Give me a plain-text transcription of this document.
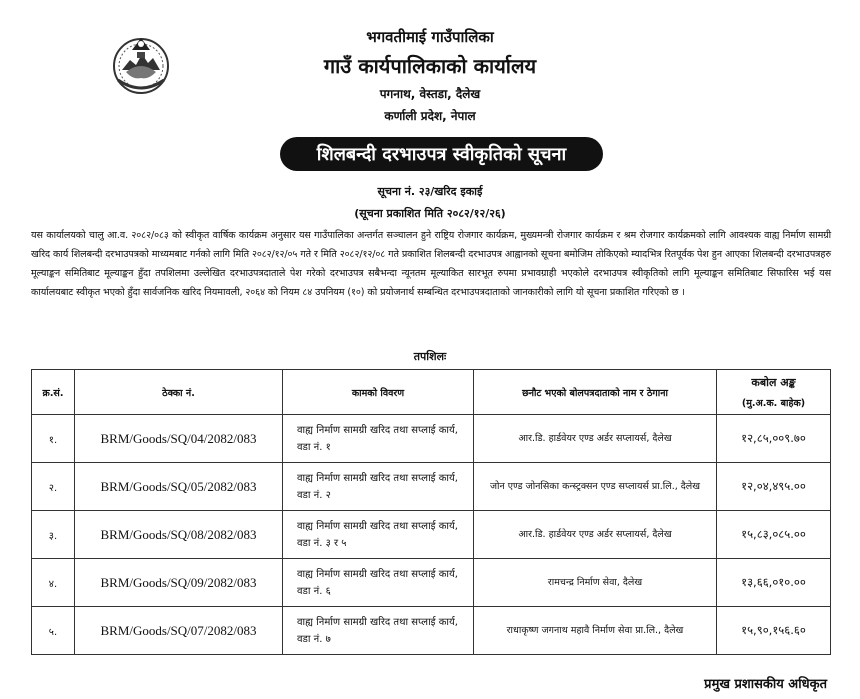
भगवतीमाई गाउँपालिका

गाउँ कार्यपालिकाको कार्यालय

पगनाथ, वेस्तडा, दैलेख

कर्णाली प्रदेश, नेपाल

शिलबन्दी दरभाउपत्र स्वीकृतिको सूचना
सूचना नं. २३/खरिद इकाई
(सूचना प्रकाशित मिति २०८२/१२/२६)

यस कार्यालयको चालु आ.व. २०८२/०८३ को स्वीकृत वार्षिक कार्यक्रम अनुसार यस गाउँपालिका अन्तर्गत सञ्चालन हुने राष्ट्रिय रोजगार कार्यक्रम, मुख्यमन्त्री रोजगार कार्यक्रम र श्रम रोजगार कार्यक्रमको लागि आवश्यक वाह्य निर्माण सामग्री खरिद कार्य शिलबन्दी दरभाउपत्रको माध्यमबाट गर्नको लागि मिति २०८२/१२/०५ गते र मिति २०८२/१२/०८ गते प्रकाशित शिलबन्दी दरभाउपत्र आह्वानको सूचना बमोजिम तोकिएको म्यादभित्र रितपूर्वक पेश हुन आएका शिलबन्दी दरभाउपत्रहरु मूल्याङ्कन समितिबाट मूल्याङ्कन हुँदा तपशिलमा उल्लेखित दरभाउपत्रदाताले पेश गरेको दरभाउपत्र सबैभन्दा न्यूनतम मूल्याकित सारभूत रुपमा प्रभावग्राही भएकोले दरभाउपत्र स्वीकृतिको लागि मूल्याङ्कन समितिबाट सिफारिस भई यस कार्यालयबाट स्वीकृत भएको हुँदा सार्वजनिक खरिद नियमावली, २०६४ को नियम ८४ उपनियम (१०) को प्रयोजनार्थ सम्बन्धित दरभाउपत्रदाताको जानकारीको लागि यो सूचना प्रकाशित गरिएको छ ।

तपशिलः
क्र.सं.	ठेक्का नं.	कामको विवरण	छनौट भएको बोलपत्रदाताको नाम र ठेगाना	कबोल अङ्क
(मु.अ.क. बाहेक)

१.	BRM/Goods/SQ/04/2082/083	वाह्य निर्माण सामग्री खरिद तथा सप्लाई कार्य, वडा नं. १	आर.डि. हार्डवेयर एण्ड अर्डर सप्लायर्स, दैलेख	१२,८५,००९.७०
२.	BRM/Goods/SQ/05/2082/083	वाह्य निर्माण सामग्री खरिद तथा सप्लाई कार्य, वडा नं. २	जोन एण्ड जोनसिका कन्स्ट्रक्सन एण्ड सप्लायर्स प्रा.लि., दैलेख	१२,०४,४९५.००
३.	BRM/Goods/SQ/08/2082/083	वाह्य निर्माण सामग्री खरिद तथा सप्लाई कार्य, वडा नं. ३ र ५	आर.डि. हार्डवेयर एण्ड अर्डर सप्लायर्स, दैलेख	१५,८३,०८५.००
४.	BRM/Goods/SQ/09/2082/083	वाह्य निर्माण सामग्री खरिद तथा सप्लाई कार्य, वडा नं. ६	रामचन्द्र निर्माण सेवा, दैलेख	१३,६६,०१०.००
५.	BRM/Goods/SQ/07/2082/083	वाह्य निर्माण सामग्री खरिद तथा सप्लाई कार्य, वडा नं. ७	राधाकृष्ण जगनाथ महावै निर्माण सेवा प्रा.लि., दैलेख	१५,९०,१५६.६०
प्रमुख प्रशासकीय अधिकृत
